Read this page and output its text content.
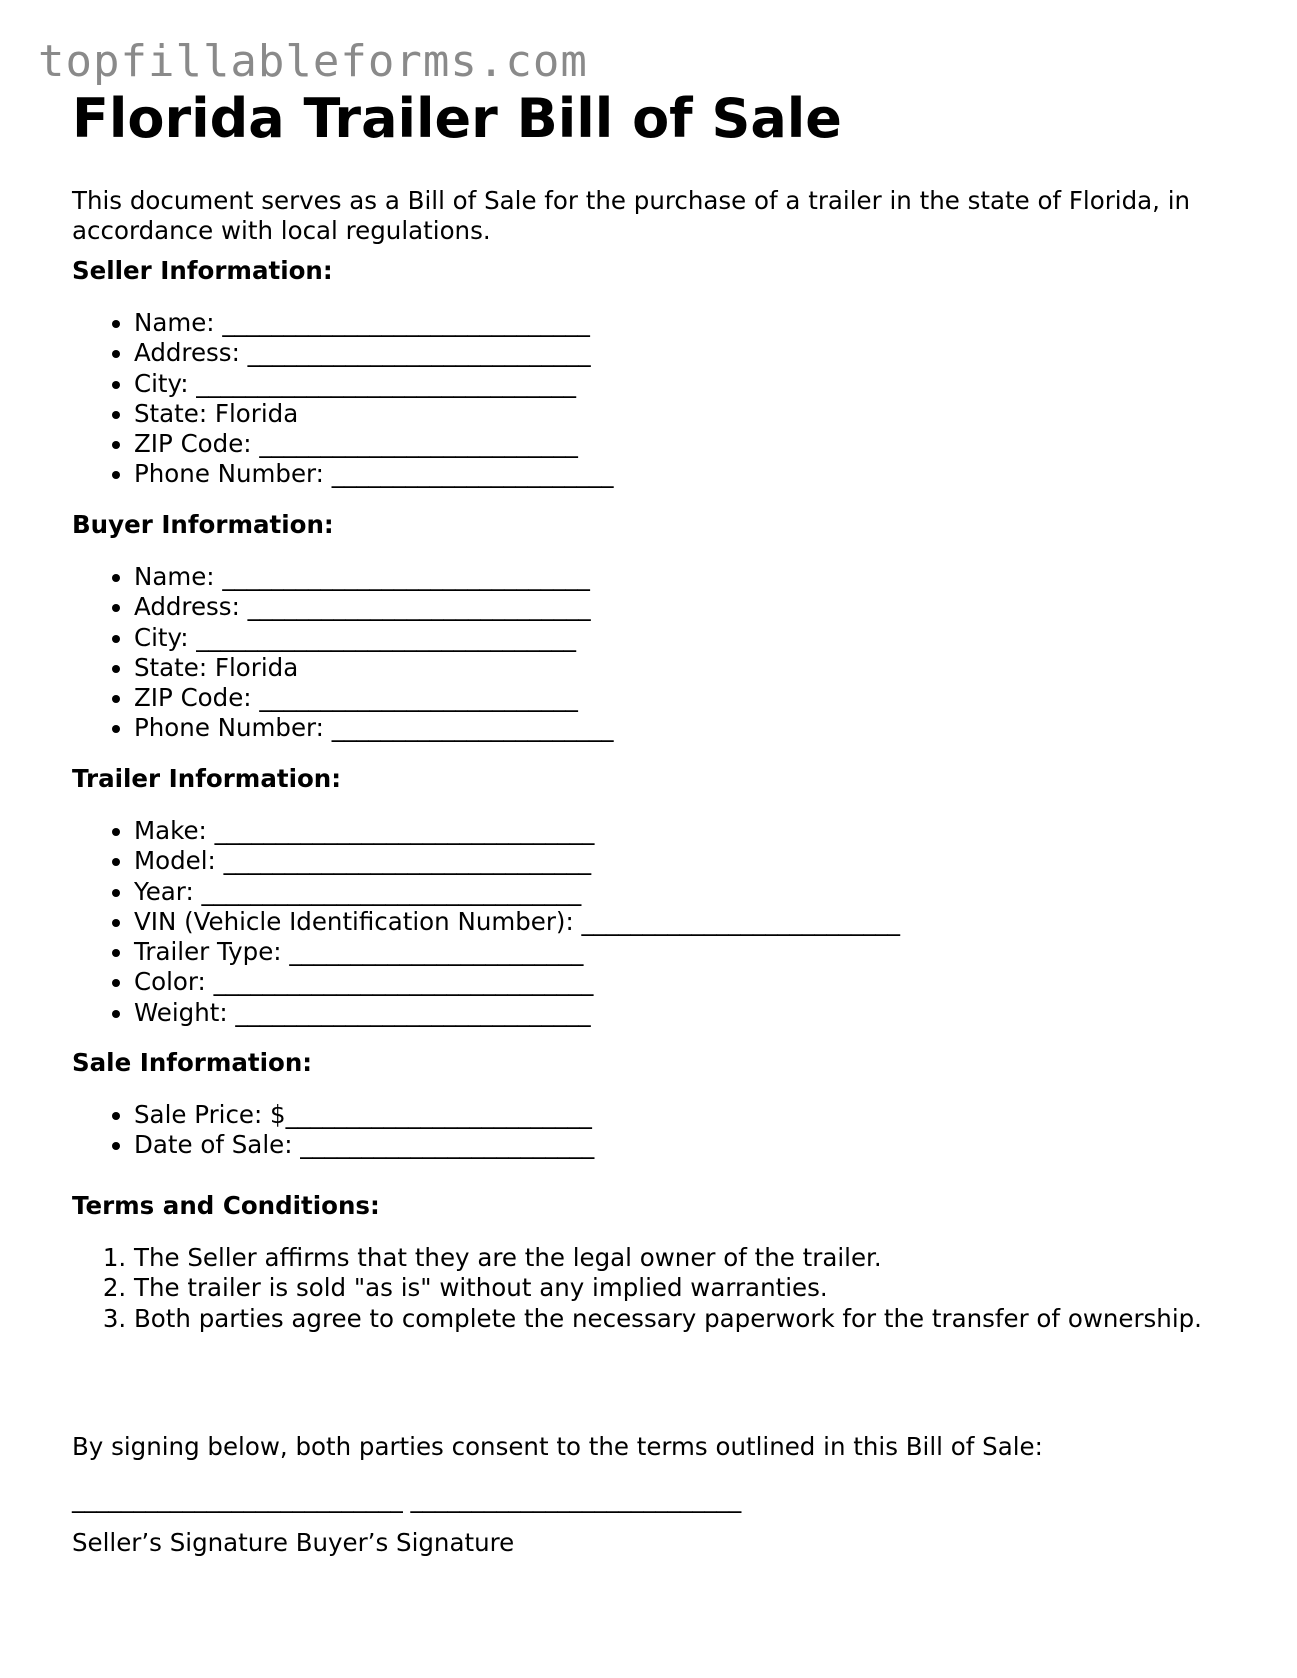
topfillableforms.com
Florida Trailer Bill of Sale

This document serves as a Bill of Sale for the purchase of a trailer in the state of Florida, in accordance with local regulations.

Seller Information:

• Name: ______________________________
• Address: ____________________________
• City: _______________________________
• State: Florida
• ZIP Code: __________________________
• Phone Number: _______________________

Buyer Information:

• Name: ______________________________
• Address: ____________________________
• City: _______________________________
• State: Florida
• ZIP Code: __________________________
• Phone Number: _______________________

Trailer Information:

• Make: _______________________________
• Model: ______________________________
• Year: _______________________________
• VIN (Vehicle Identification Number): __________________________
• Trailer Type: ________________________
• Color: _______________________________
• Weight: _____________________________

Sale Information:

• Sale Price: $_________________________
• Date of Sale: ________________________

Terms and Conditions:

1. The Seller affirms that they are the legal owner of the trailer.
2. The trailer is sold "as is" without any implied warranties.
3. Both parties agree to complete the necessary paperwork for the transfer of ownership.

By signing below, both parties consent to the terms outlined in this Bill of Sale:

___________________________ ___________________________

Seller’s Signature Buyer’s Signature
